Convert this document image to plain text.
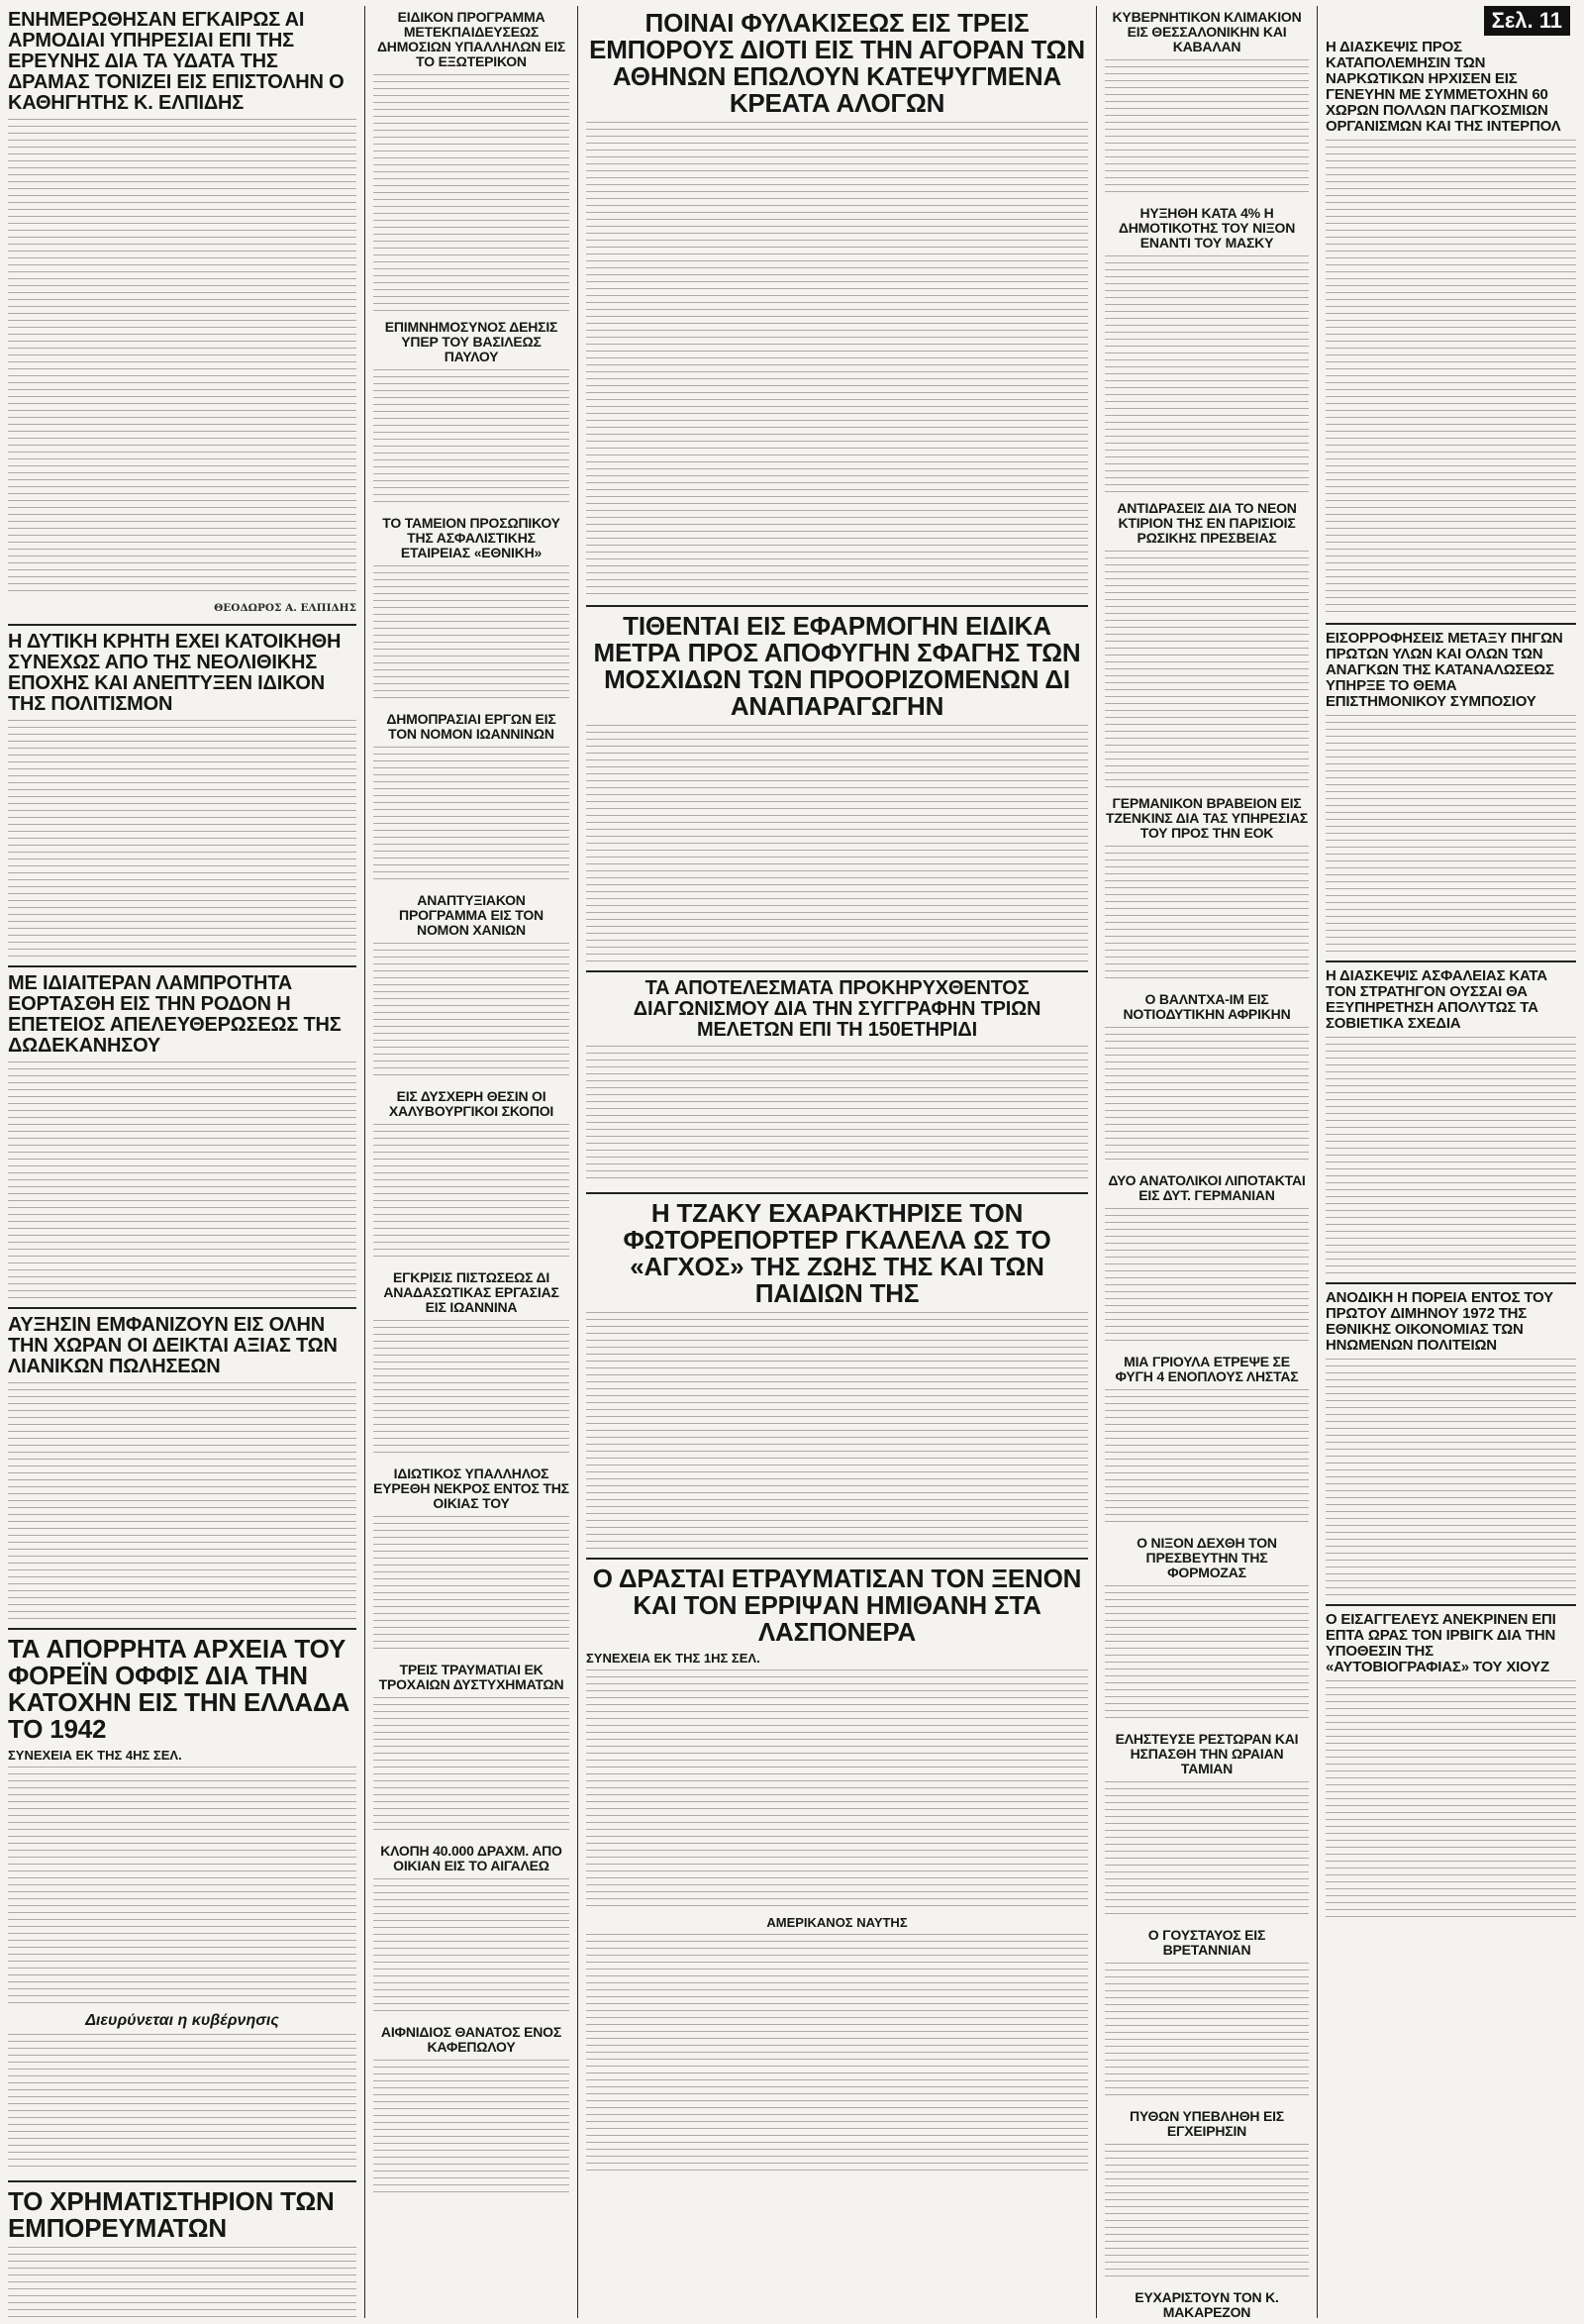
ΕΝΗΜΕΡΩΘΗΣΑΝ ΕΓΚΑΙΡΩΣ ΑΙ ΑΡΜΟΔΙΑΙ ΥΠΗΡΕΣΙΑΙ ΕΠΙ ΤΗΣ ΕΡΕΥΝΗΣ ΔΙΑ ΤΑ ΥΔΑΤΑ ΤΗΣ ΔΡΑΜΑΣ ΤΟΝΙΖΕΙ ΕΙΣ ΕΠΙΣΤΟΛΗΝ Ο ΚΑΘΗΓΗΤΗΣ Κ. ΕΛΠΙΔΗΣ
ΘΕΟΔΩΡΟΣ Α. ΕΛΠΙΔΗΣ
Η ΔΥΤΙΚΗ ΚΡΗΤΗ ΕΧΕΙ ΚΑΤΟΙΚΗΘΗ ΣΥΝΕΧΩΣ ΑΠΟ ΤΗΣ ΝΕΟΛΙΘΙΚΗΣ ΕΠΟΧΗΣ ΚΑΙ ΑΝΕΠΤΥΞΕΝ ΙΔΙΚΟΝ ΤΗΣ ΠΟΛΙΤΙΣΜΟΝ
ΜΕ ΙΔΙΑΙΤΕΡΑΝ ΛΑΜΠΡΟΤΗΤΑ ΕΟΡΤΑΣΘΗ ΕΙΣ ΤΗΝ ΡΟΔΟΝ Η ΕΠΕΤΕΙΟΣ ΑΠΕΛΕΥΘΕΡΩΣΕΩΣ ΤΗΣ ΔΩΔΕΚΑΝΗΣΟΥ
ΑΥΞΗΣΙΝ ΕΜΦΑΝΙΖΟΥΝ ΕΙΣ ΟΛΗΝ ΤΗΝ ΧΩΡΑΝ ΟΙ ΔΕΙΚΤΑΙ ΑΞΙΑΣ ΤΩΝ ΛΙΑΝΙΚΩΝ ΠΩΛΗΣΕΩΝ
ΤΑ ΑΠΟΡΡΗΤΑ ΑΡΧΕΙΑ ΤΟΥ ΦΟΡΕΪΝ ΟΦΦΙΣ ΔΙΑ ΤΗΝ ΚΑΤΟΧΗΝ ΕΙΣ ΤΗΝ ΕΛΛΑΔΑ ΤΟ 1942
ΣΥΝΕΧΕΙΑ ΕΚ ΤΗΣ 4ΗΣ ΣΕΛ.
Διευρύνεται η κυβέρνησις
ΤΟ ΧΡΗΜΑΤΙΣΤΗΡΙΟΝ ΤΩΝ ΕΜΠΟΡΕΥΜΑΤΩΝ
ΕΙΔΙΚΟΝ ΠΡΟΓΡΑΜΜΑ ΜΕΤΕΚΠΑΙΔΕΥΣΕΩΣ ΔΗΜΟΣΙΩΝ ΥΠΑΛΛΗΛΩΝ ΕΙΣ ΤΟ ΕΞΩΤΕΡΙΚΟΝ
ΕΠΙΜΝΗΜΟΣΥΝΟΣ ΔΕΗΣΙΣ ΥΠΕΡ ΤΟΥ ΒΑΣΙΛΕΩΣ ΠΑΥΛΟΥ
ΤΟ ΤΑΜΕΙΟΝ ΠΡΟΣΩΠΙΚΟΥ ΤΗΣ ΑΣΦΑΛΙΣΤΙΚΗΣ ΕΤΑΙΡΕΙΑΣ «ΕΘΝΙΚΗ»
ΔΗΜΟΠΡΑΣΙΑΙ ΕΡΓΩΝ ΕΙΣ ΤΟΝ ΝΟΜΟΝ ΙΩΑΝΝΙΝΩΝ
ΑΝΑΠΤΥΞΙΑΚΟΝ ΠΡΟΓΡΑΜΜΑ ΕΙΣ ΤΟΝ ΝΟΜΟΝ ΧΑΝΙΩΝ
ΕΙΣ ΔΥΣΧΕΡΗ ΘΕΣΙΝ ΟΙ ΧΑΛΥΒΟΥΡΓΙΚΟΙ ΣΚΟΠΟΙ
ΕΓΚΡΙΣΙΣ ΠΙΣΤΩΣΕΩΣ ΔΙ ΑΝΑΔΑΣΩΤΙΚΑΣ ΕΡΓΑΣΙΑΣ ΕΙΣ ΙΩΑΝΝΙΝΑ
ΙΔΙΩΤΙΚΟΣ ΥΠΑΛΛΗΛΟΣ ΕΥΡΕΘΗ ΝΕΚΡΟΣ ΕΝΤΟΣ ΤΗΣ ΟΙΚΙΑΣ ΤΟΥ
ΤΡΕΙΣ ΤΡΑΥΜΑΤΙΑΙ ΕΚ ΤΡΟΧΑΙΩΝ ΔΥΣΤΥΧΗΜΑΤΩΝ
ΚΛΟΠΗ 40.000 ΔΡΑΧΜ. ΑΠΟ ΟΙΚΙΑΝ ΕΙΣ ΤΟ ΑΙΓΑΛΕΩ
ΑΙΦΝΙΔΙΟΣ ΘΑΝΑΤΟΣ ΕΝΟΣ ΚΑΦΕΠΩΛΟΥ
ΠΟΙΝΑΙ ΦΥΛΑΚΙΣΕΩΣ ΕΙΣ ΤΡΕΙΣ ΕΜΠΟΡΟΥΣ ΔΙΟΤΙ ΕΙΣ ΤΗΝ ΑΓΟΡΑΝ ΤΩΝ ΑΘΗΝΩΝ ΕΠΩΛΟΥΝ ΚΑΤΕΨΥΓΜΕΝΑ ΚΡΕΑΤΑ ΑΛΟΓΩΝ
ΤΙΘΕΝΤΑΙ ΕΙΣ ΕΦΑΡΜΟΓΗΝ ΕΙΔΙΚΑ ΜΕΤΡΑ ΠΡΟΣ ΑΠΟΦΥΓΗΝ ΣΦΑΓΗΣ ΤΩΝ ΜΟΣΧΙΔΩΝ ΤΩΝ ΠΡΟΟΡΙΖΟΜΕΝΩΝ ΔΙ ΑΝΑΠΑΡΑΓΩΓΗΝ
ΤΑ ΑΠΟΤΕΛΕΣΜΑΤΑ ΠΡΟΚΗΡΥΧΘΕΝΤΟΣ ΔΙΑΓΩΝΙΣΜΟΥ ΔΙΑ ΤΗΝ ΣΥΓΓΡΑΦΗΝ ΤΡΙΩΝ ΜΕΛΕΤΩΝ ΕΠΙ ΤΗ 150ΕΤΗΡΙΔΙ
Η ΤΖΑΚΥ ΕΧΑΡΑΚΤΗΡΙΣΕ ΤΟΝ ΦΩΤΟΡΕΠΟΡΤΕΡ ΓΚΑΛΕΛΑ ΩΣ ΤΟ «ΑΓΧΟΣ» ΤΗΣ ΖΩΗΣ ΤΗΣ ΚΑΙ ΤΩΝ ΠΑΙΔΙΩΝ ΤΗΣ
Ο ΔΡΑΣΤΑΙ ΕΤΡΑΥΜΑΤΙΣΑΝ ΤΟΝ ΞΕΝΟΝ ΚΑΙ ΤΟΝ ΕΡΡΙΨΑΝ ΗΜΙΘΑΝΗ ΣΤΑ ΛΑΣΠΟΝΕΡΑ
ΣΥΝΕΧΕΙΑ ΕΚ ΤΗΣ 1ΗΣ ΣΕΛ.
ΑΜΕΡΙΚΑΝΟΣ ΝΑΥΤΗΣ
ΚΥΒΕΡΝΗΤΙΚΟΝ ΚΛΙΜΑΚΙΟΝ ΕΙΣ ΘΕΣΣΑΛΟΝΙΚΗΝ ΚΑΙ ΚΑΒΑΛΑΝ
ΗΥΞΗΘΗ ΚΑΤΑ 4% Η ΔΗΜΟΤΙΚΟΤΗΣ ΤΟΥ ΝΙΞΟΝ ΕΝΑΝΤΙ ΤΟΥ ΜΑΣΚΥ
ΑΝΤΙΔΡΑΣΕΙΣ ΔΙΑ ΤΟ ΝΕΟΝ ΚΤΙΡΙΟΝ ΤΗΣ ΕΝ ΠΑΡΙΣΙΟΙΣ ΡΩΣΙΚΗΣ ΠΡΕΣΒΕΙΑΣ
ΓΕΡΜΑΝΙΚΟΝ ΒΡΑΒΕΙΟΝ ΕΙΣ ΤΖΕΝΚΙΝΣ ΔΙΑ ΤΑΣ ΥΠΗΡΕΣΙΑΣ ΤΟΥ ΠΡΟΣ ΤΗΝ ΕΟΚ
Ο ΒΑΛΝΤΧΑ-ΙΜ ΕΙΣ ΝΟΤΙΟΔΥΤΙΚΗΝ ΑΦΡΙΚΗΝ
ΔΥΟ ΑΝΑΤΟΛΙΚΟΙ ΛΙΠΟΤΑΚΤΑΙ ΕΙΣ ΔΥΤ. ΓΕΡΜΑΝΙΑΝ
ΜΙΑ ΓΡΙΟΥΛΑ ΕΤΡΕΨΕ ΣΕ ΦΥΓΗ 4 ΕΝΟΠΛΟΥΣ ΛΗΣΤΑΣ
Ο ΝΙΞΟΝ ΔΕΧΘΗ ΤΟΝ ΠΡΕΣΒΕΥΤΗΝ ΤΗΣ ΦΟΡΜΟΖΑΣ
ΕΛΗΣΤΕΥΣΕ ΡΕΣΤΩΡΑΝ ΚΑΙ ΗΣΠΑΣΘΗ ΤΗΝ ΩΡΑΙΑΝ ΤΑΜΙΑΝ
Ο ΓΟΥΣΤΑΥΟΣ ΕΙΣ ΒΡΕΤΑΝΝΙΑΝ
ΠΥΘΩΝ ΥΠΕΒΛΗΘΗ ΕΙΣ ΕΓΧΕΙΡΗΣΙΝ
ΕΥΧΑΡΙΣΤΟΥΝ ΤΟΝ Κ. ΜΑΚΑΡΕΖΟΝ
Σελ. 11
Η ΔΙΑΣΚΕΨΙΣ ΠΡΟΣ ΚΑΤΑΠΟΛΕΜΗΣΙΝ ΤΩΝ ΝΑΡΚΩΤΙΚΩΝ ΗΡΧΙΣΕΝ ΕΙΣ ΓΕΝΕΥΗΝ ΜΕ ΣΥΜΜΕΤΟΧΗΝ 60 ΧΩΡΩΝ ΠΟΛΛΩΝ ΠΑΓΚΟΣΜΙΩΝ ΟΡΓΑΝΙΣΜΩΝ ΚΑΙ ΤΗΣ ΙΝΤΕΡΠΟΛ
ΕΙΣΟΡΡΟΦΗΣΕΙΣ ΜΕΤΑΞΥ ΠΗΓΩΝ ΠΡΩΤΩΝ ΥΛΩΝ ΚΑΙ ΟΛΩΝ ΤΩΝ ΑΝΑΓΚΩΝ ΤΗΣ ΚΑΤΑΝΑΛΩΣΕΩΣ ΥΠΗΡΞΕ ΤΟ ΘΕΜΑ ΕΠΙΣΤΗΜΟΝΙΚΟΥ ΣΥΜΠΟΣΙΟΥ
Η ΔΙΑΣΚΕΨΙΣ ΑΣΦΑΛΕΙΑΣ ΚΑΤΑ ΤΟΝ ΣΤΡΑΤΗΓΟΝ ΟΥΣΣΑΙ ΘΑ ΕΞΥΠΗΡΕΤΗΣΗ ΑΠΟΛΥΤΩΣ ΤΑ ΣΟΒΙΕΤΙΚΑ ΣΧΕΔΙΑ
ΑΝΟΔΙΚΗ Η ΠΟΡΕΙΑ ΕΝΤΟΣ ΤΟΥ ΠΡΩΤΟΥ ΔΙΜΗΝΟΥ 1972 ΤΗΣ ΕΘΝΙΚΗΣ ΟΙΚΟΝΟΜΙΑΣ ΤΩΝ ΗΝΩΜΕΝΩΝ ΠΟΛΙΤΕΙΩΝ
Ο ΕΙΣΑΓΓΕΛΕΥΣ ΑΝΕΚΡΙΝΕΝ ΕΠΙ ΕΠΤΑ ΩΡΑΣ ΤΟΝ ΙΡΒΙΓΚ ΔΙΑ ΤΗΝ ΥΠΟΘΕΣΙΝ ΤΗΣ «ΑΥΤΟΒΙΟΓΡΑΦΙΑΣ» ΤΟΥ ΧΙΟΥΖ
